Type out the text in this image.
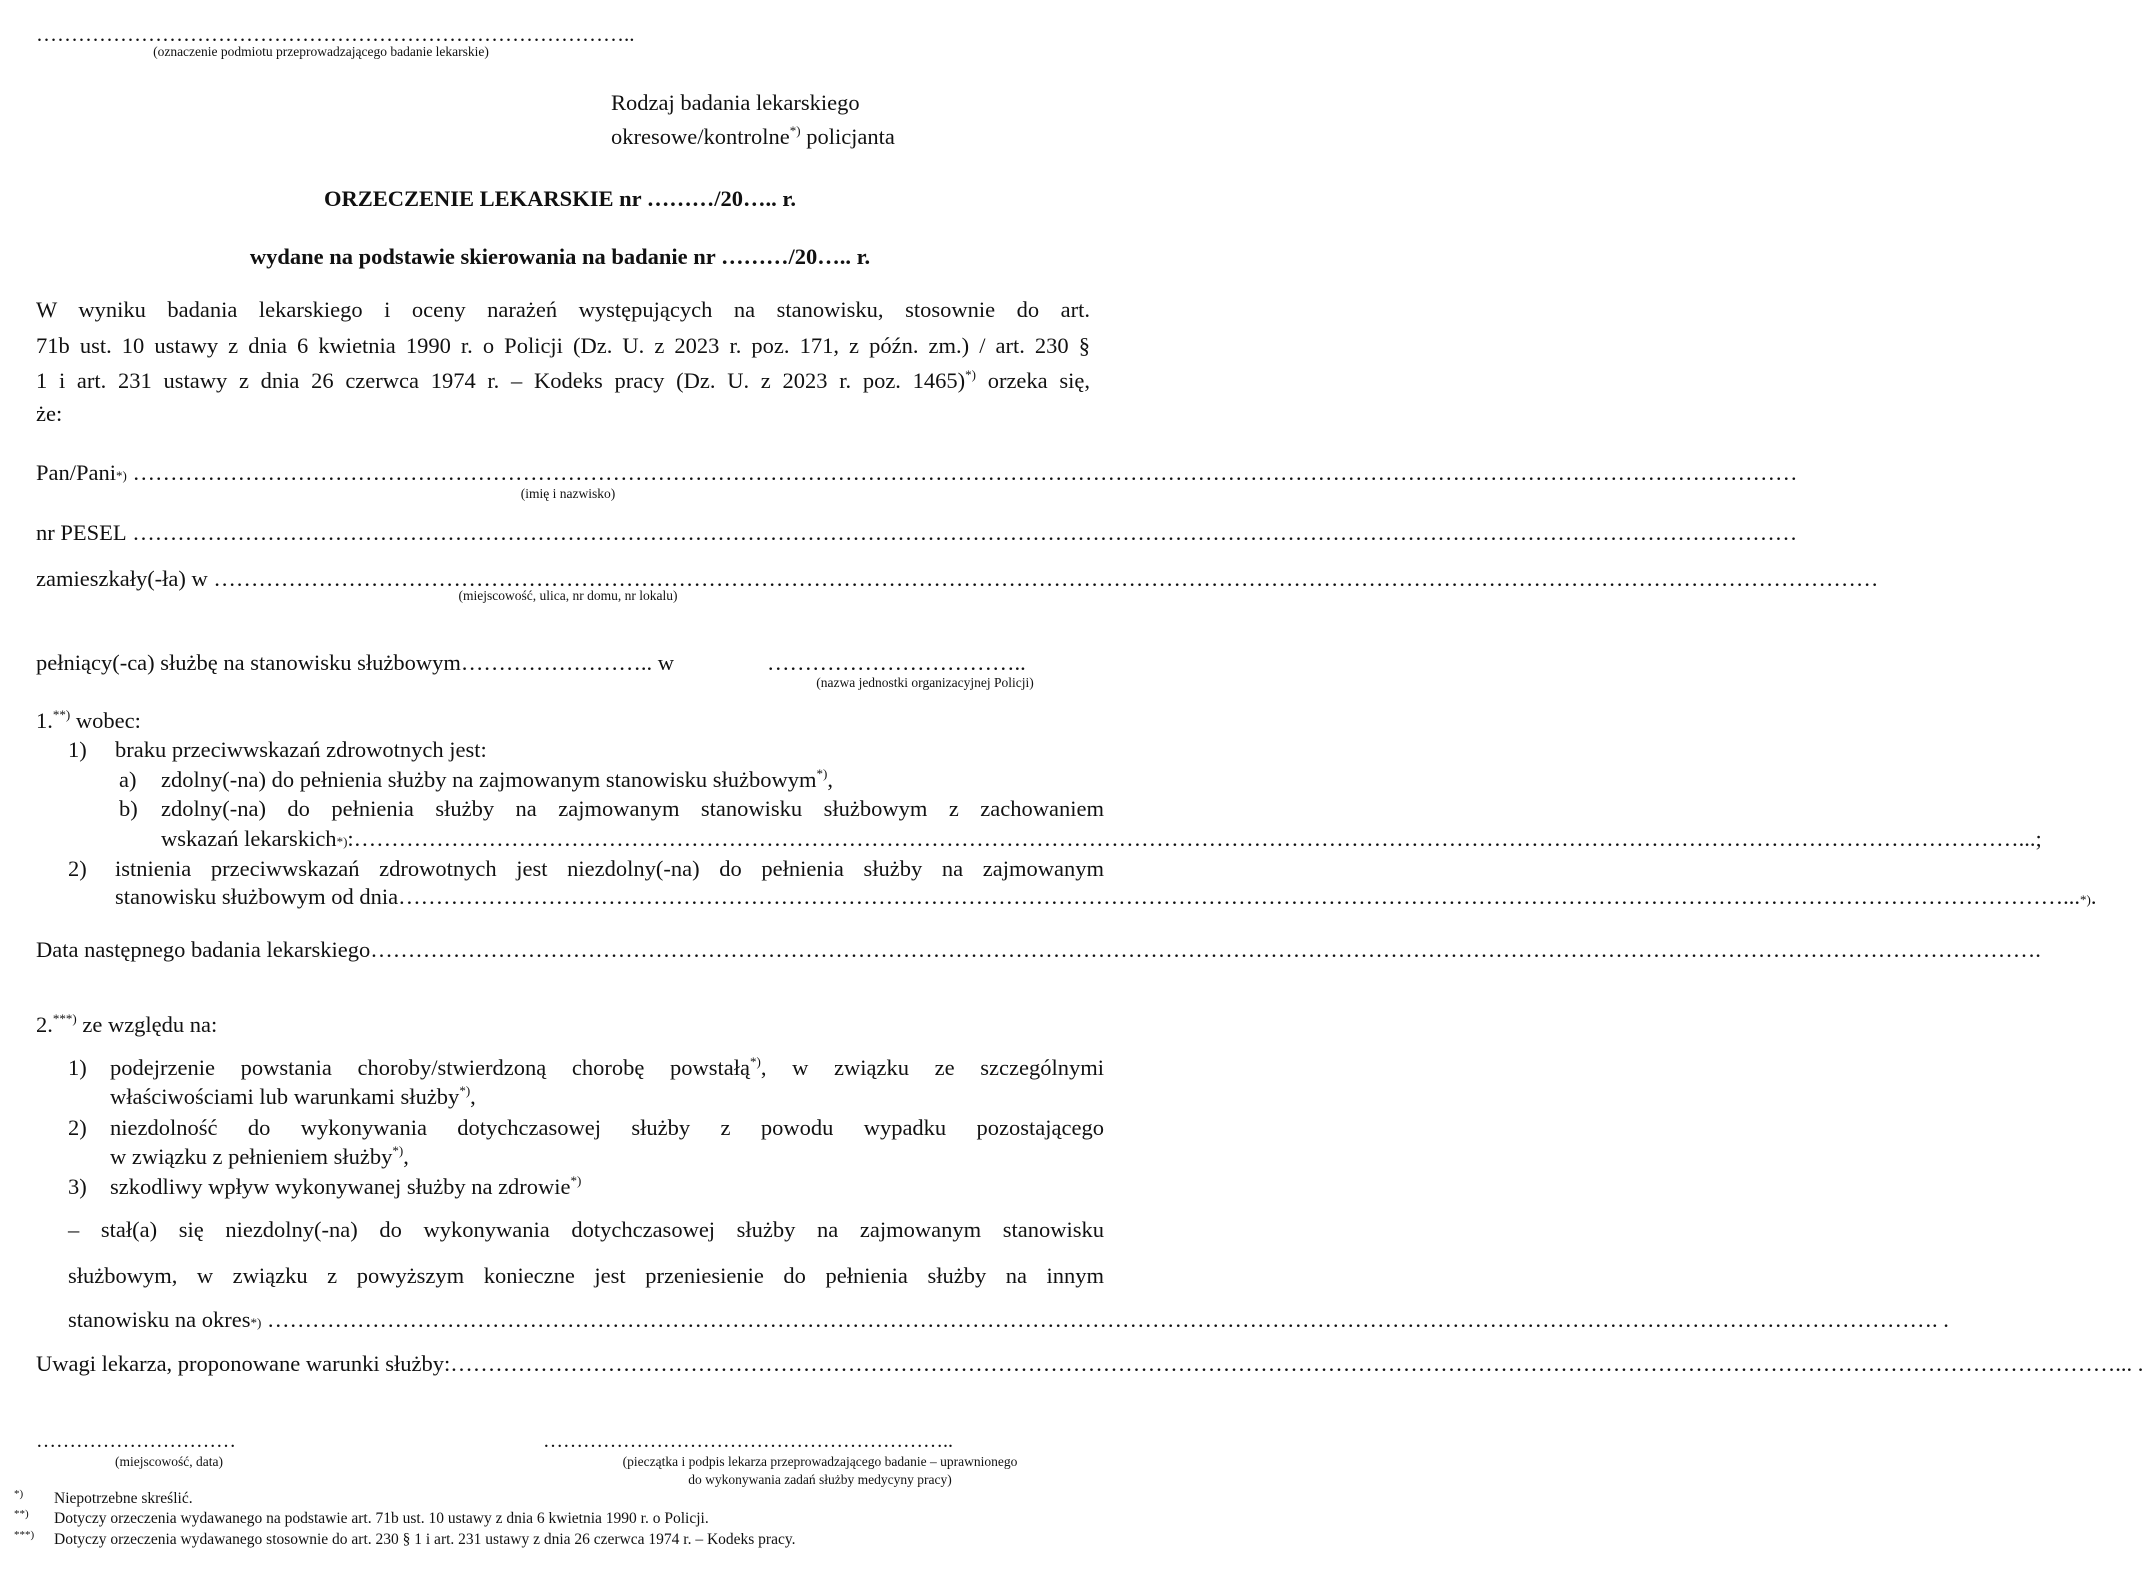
…………………………………………………………………………..
(oznaczenie podmiotu przeprowadzającego badanie lekarskie)
Rodzaj badania lekarskiego
okresowe/kontrolne*) policjanta
ORZECZENIE LEKARSKIE nr ………/20….. r.
wydane na podstawie skierowania na badanie nr ………/20….. r.
W wyniku badania lekarskiego i oceny narażeń występujących na stanowisku, stosownie do art.
71b ust. 10 ustawy z dnia 6 kwietnia 1990 r. o Policji (Dz. U. z 2023 r. poz. 171, z późn. zm.) / art. 230 §
1 i art. 231 ustawy z dnia 26 czerwca 1974 r. – Kodeks pracy (Dz. U. z 2023 r. poz. 1465)*) orzeka się,
że:
Pan/Pani *)
……………………………………………………………………………………………………………………………………………………………………………………………………
(imię i nazwisko)
nr PESEL
……………………………………………………………………………………………………………………………………………………………………………………………………
zamieszkały(-ła) w
……………………………………………………………………………………………………………………………………………………………………………………………………
(miejscowość, ulica, nr domu, nr lokalu)
pełniący(-ca) służbę na stanowisku służbowym…………………….. w	……………………………..
(nazwa jednostki organizacyjnej Policji)
1.**) wobec:
1) braku przeciwwskazań zdrowotnych jest:
a) zdolny(-na) do pełnienia służby na zajmowanym stanowisku służbowym*),
b) zdolny(-na) do pełnienia służby na zajmowanym stanowisku służbowym z zachowaniem
wskazań lekarskich *) : …………………………………………………………………………………………………………………………………………………………………………………………………… ...;
2) istnienia przeciwwskazań zdrowotnych jest niezdolny(-na) do pełnienia służby na zajmowanym
stanowisku służbowym od dnia …………………………………………………………………………………………………………………………………………………………………………………………………… ... *) .
Data następnego badania lekarskiego …………………………………………………………………………………………………………………………………………………………………………………………………… .
2.***) ze względu na:
1) podejrzenie powstania choroby/stwierdzoną chorobę powstałą*), w związku ze szczególnymi
właściwościami lub warunkami służby*),
2) niezdolność do wykonywania dotychczasowej służby z powodu wypadku pozostającego
w związku z pełnieniem służby*),
3) szkodliwy wpływ wykonywanej służby na zdrowie*)
– stał(a) się niezdolny(-na) do wykonywania dotychczasowej służby na zajmowanym stanowisku
służbowym, w związku z powyższym konieczne jest przeniesienie do pełnienia służby na innym
stanowisku na okres *)
…………………………………………………………………………………………………………………………………………………………………………………………………… . .
Uwagi lekarza, proponowane warunki służby: …………………………………………………………………………………………………………………………………………………………………………………………………… ... .
…………………………
(miejscowość, data)
……………………………………………………..
(pieczątka i podpis lekarza przeprowadzającego badanie – uprawnionego
do wykonywania zadań służby medycyny pracy)
*) Niepotrzebne skreślić.
**) Dotyczy orzeczenia wydawanego na podstawie art. 71b ust. 10 ustawy z dnia 6 kwietnia 1990 r. o Policji.
***) Dotyczy orzeczenia wydawanego stosownie do art. 230 § 1 i art. 231 ustawy z dnia 26 czerwca 1974 r. – Kodeks pracy.
